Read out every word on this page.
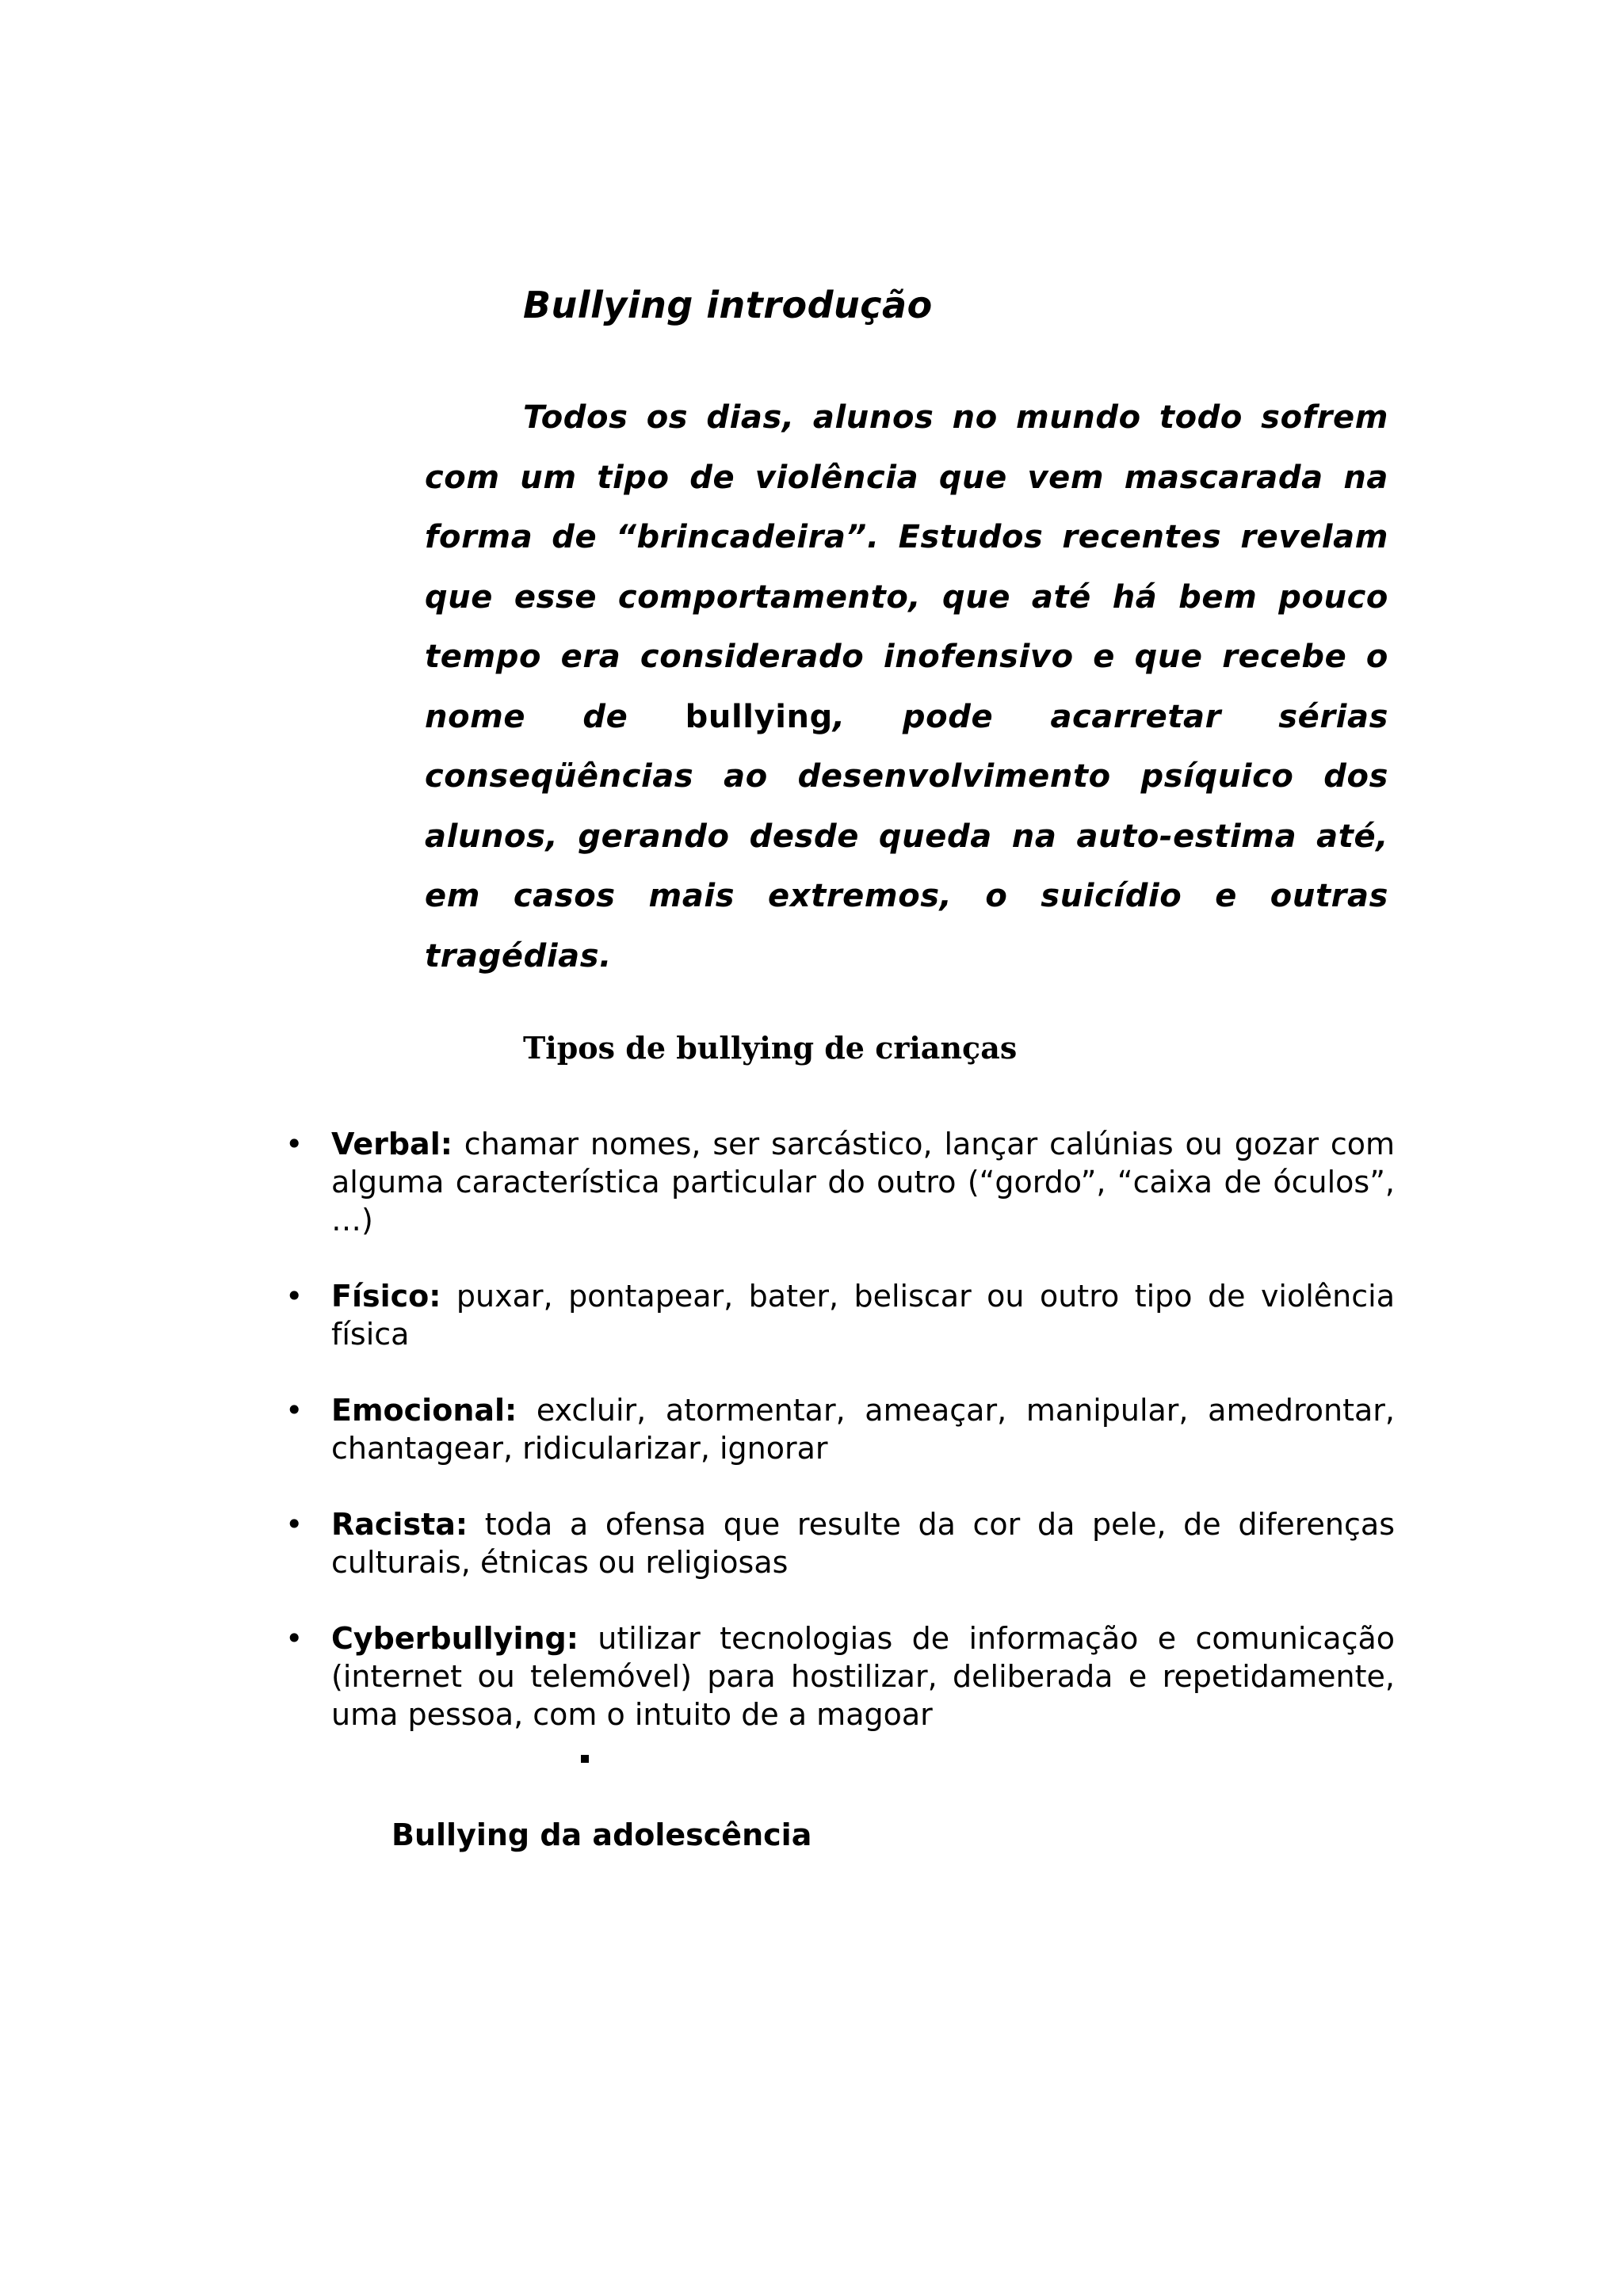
Bullying introdução

Todos os dias, alunos no mundo todo sofrem com um tipo de violência que vem mascarada na forma de “brincadeira”. Estudos recentes revelam que esse comportamento, que até há bem pouco tempo era considerado inofensivo e que recebe o nome de bullying, pode acarretar sérias conseqüências ao desenvolvimento psíquico dos alunos, gerando desde queda na auto-estima até, em casos mais extremos, o suicídio e outras tragédias.

Tipos de bullying de crianças
• Verbal: chamar nomes, ser sarcástico, lançar calúnias ou gozar com alguma característica particular do outro (“gordo”, “caixa de óculos”, …)
• Físico: puxar, pontapear, bater, beliscar ou outro tipo de violência física
• Emocional: excluir, atormentar, ameaçar, manipular, amedrontar, chantagear, ridicularizar, ignorar
• Racista: toda a ofensa que resulte da cor da pele, de diferenças culturais, étnicas ou religiosas
• Cyberbullying: utilizar tecnologias de informação e comunicação (internet ou telemóvel) para hostilizar, deliberada e repetidamente, uma pessoa, com o intuito de a magoar
Bullying da adolescência
